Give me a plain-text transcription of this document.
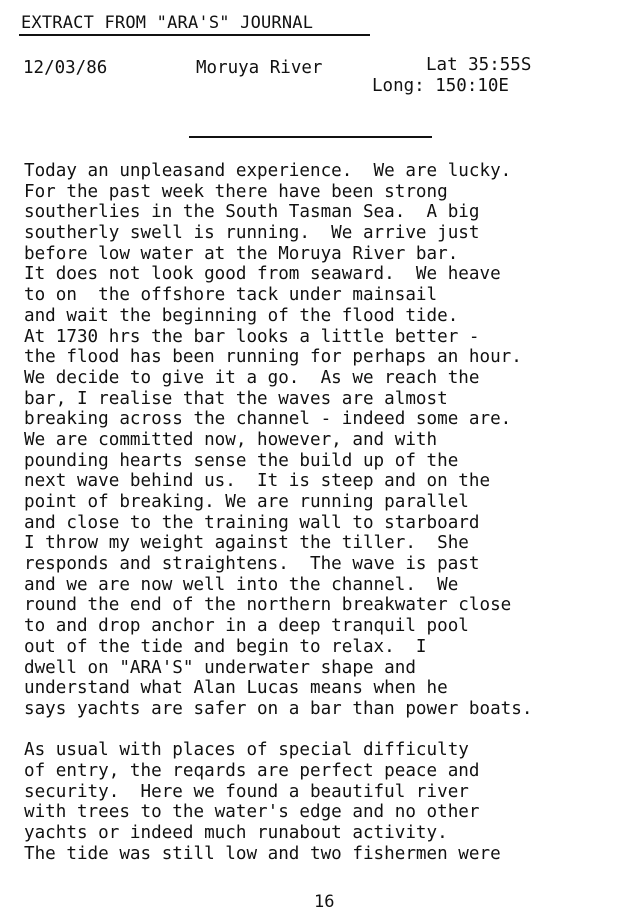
EXTRACT FROM "ARA'S" JOURNAL
12/03/86	Moruya River	Lat 35:55S
Long: 150:10E
Today an unpleasand experience.  We are lucky.
For the past week there have been strong
southerlies in the South Tasman Sea.  A big
southerly swell is running.  We arrive just
before low water at the Moruya River bar.
It does not look good from seaward.  We heave
to on  the offshore tack under mainsail
and wait the beginning of the flood tide.
At 1730 hrs the bar looks a little better -
the flood has been running for perhaps an hour.
We decide to give it a go.  As we reach the
bar, I realise that the waves are almost
breaking across the channel - indeed some are.
We are committed now, however, and with
pounding hearts sense the build up of the
next wave behind us.  It is steep and on the
point of breaking. We are running parallel
and close to the training wall to starboard
I throw my weight against the tiller.  She
responds and straightens.  The wave is past
and we are now well into the channel.  We
round the end of the northern breakwater close
to and drop anchor in a deep tranquil pool
out of the tide and begin to relax.  I
dwell on "ARA'S" underwater shape and
understand what Alan Lucas means when he
says yachts are safer on a bar than power boats.
As usual with places of special difficulty
of entry, the reqards are perfect peace and
security.  Here we found a beautiful river
with trees to the water's edge and no other
yachts or indeed much runabout activity.
The tide was still low and two fishermen were
16
